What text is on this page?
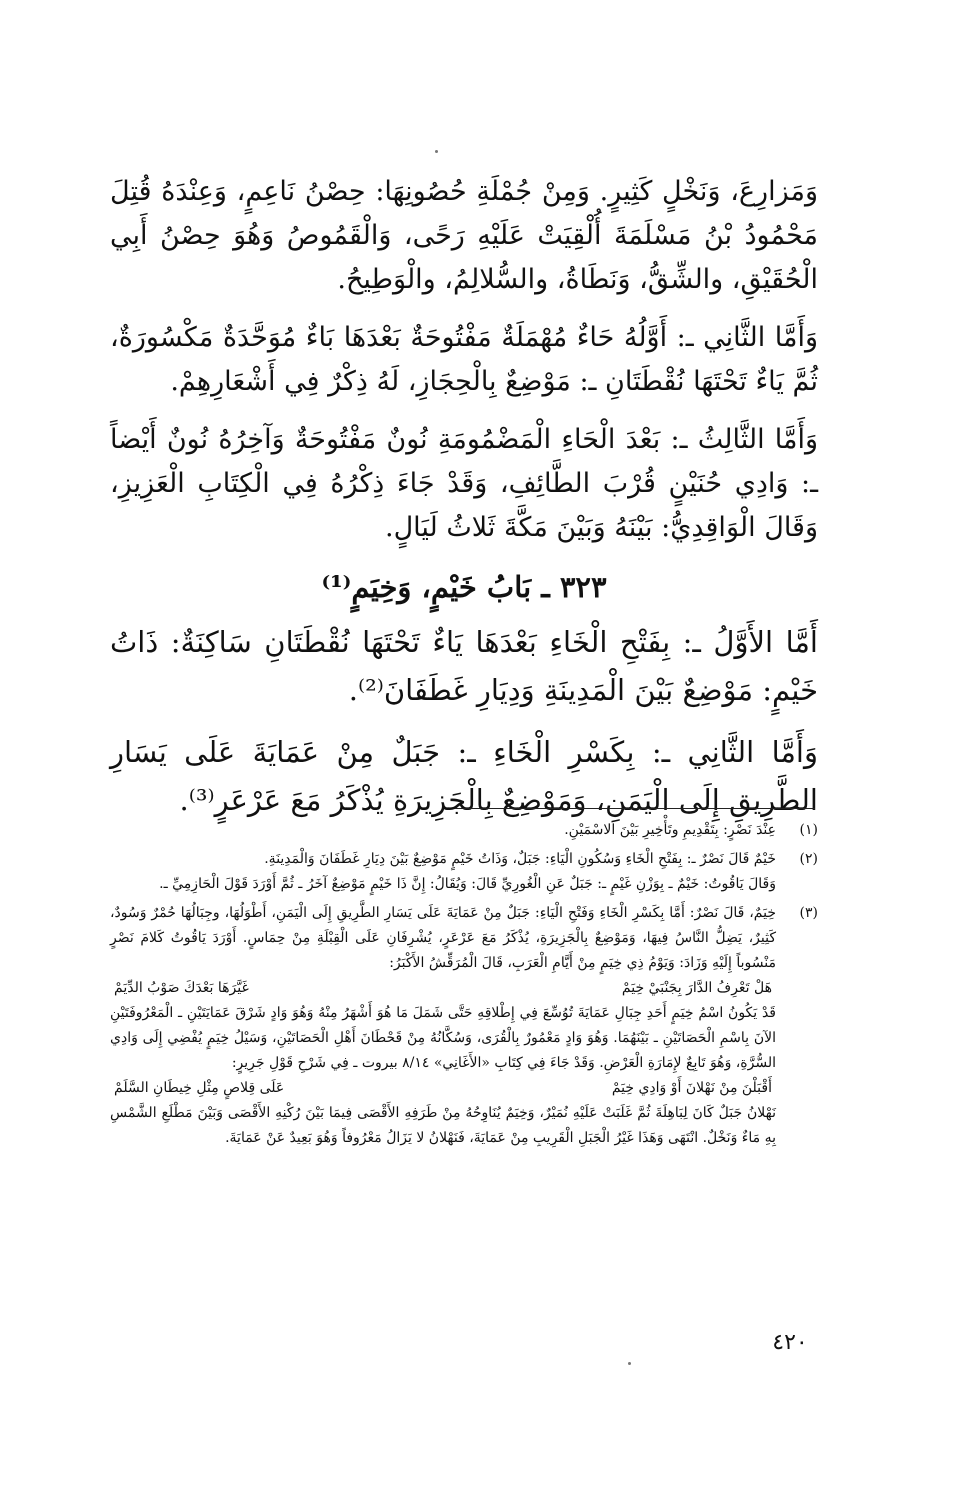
وَمَزارِعَ، وَنَخْلٍ كَثِيرٍ. وَمِنْ جُمْلَةِ حُصُونِهَا: حِصْنُ نَاعِمٍ، وَعِنْدَهُ قُتِلَ مَحْمُودُ بْنُ مَسْلَمَةَ أُلْقِيَتْ عَلَيْهِ رَحًى، وَالْقَمُوصُ وَهُوَ حِصْنُ أَبِي الْحُقَيْقِ، والشِّقُّ، وَنَطَاةُ، والسُّلالِمُ، والْوَطِيحُ.

وَأَمَّا الثَّانِي ـ: أَوَّلُهُ حَاءٌ مُهْمَلَةٌ مَفْتُوحَةٌ بَعْدَهَا بَاءٌ مُوَحَّدَةٌ مَكْسُورَةٌ، ثُمَّ يَاءٌ تَحْتَهَا نُقْطَتَانِ ـ: مَوْضِعٌ بِالْحِجَازِ، لَهُ ذِكْرٌ فِي أَشْعَارِهِمْ.

وَأَمَّا الثَّالِثُ ـ: بَعْدَ الْحَاءِ الْمَضْمُومَةِ نُونٌ مَفْتُوحَةٌ وَآخِرُهُ نُونٌ أَيْضاً ـ: وَادِي حُنَيْنٍ قُرْبَ الطَّائِفِ، وَقَدْ جَاءَ ذِكْرُهُ فِي الْكِتَابِ الْعَزِيزِ، وَقَالَ الْوَاقِدِيُّ: بَيْنَهُ وَبَيْنَ مَكَّةَ ثَلاثُ لَيَالٍ.

٣٢٣ ـ بَابُ خَيْمٍ، وَخِيَمٍ⁽¹⁾

أَمَّا الأَوَّلُ ـ: بِفَتْحِ الْخَاءِ بَعْدَهَا يَاءٌ تَحْتَهَا نُقْطَتَانِ سَاكِنَةٌ: ذَاتُ خَيْمٍ: مَوْضِعٌ بَيْنَ الْمَدِينَةِ وَدِيَارِ غَطَفَانَ⁽²⁾.

وَأَمَّا الثَّانِي ـ: بِكَسْرِ الْخَاءِ ـ: جَبَلٌ مِنْ عَمَايَةَ عَلَى يَسَارِ الطَّرِيقِ إِلَى الْيَمَنِ، وَمَوْضِعٌ بِالْجَزِيرَةِ يُذْكَرُ مَعَ عَرْعَرٍ⁽³⁾.

(١)
عِنْدَ نَصْرٍ: بِتَقْدِيمِ وتَأْخِيرِ بَيْنَ الاسْمَيْنِ.
(٢)
خَيْمٌ قَالَ نَصْرٌ ـ: بِفَتْحِ الْخَاءِ وَسُكُونِ الْيَاءِ: جَبَلٌ، وَذَاتُ خَيْمٍ مَوْضِعٌ بَيْنَ دِيَارِ غَطَفَانَ وَالْمَدِينَةِ.
وَقَالَ يَاقُوتُ: خَيْمٌ ـ بِوَزْنِ غَيْمٍ ـ: جَبَلٌ عَنِ الْغُورِيِّ قَالَ: وَيُقَالُ: إِنَّ ذَا خَيْمٍ مَوْضِعٌ آخَرُ ـ ثُمَّ أَوْرَدَ قَوْلَ الْحَازِمِيِّ ـ.
(٣)
خِيَمٌ، قَالَ نَصْرٌ: أَمَّا بِكَسْرِ الْخَاءِ وَفَتْحِ الْيَاءِ: جَبَلٌ مِنْ عَمَايَةَ عَلَى يَسَارِ الطَّرِيقِ إِلَى الْيَمَنِ، أَطْوَلُهَا، وجِبَالُهَا حُمْرٌ وَسُودٌ، كَثِيرٌ، يَضِلُّ النَّاسُ فِيهَا، وَمَوْضِعٌ بِالْجَزِيرَةِ، يُذْكَرُ مَعَ عَرْعَرٍ، يُشْرِفَانِ عَلَى الْقِبْلَةِ مِنْ حِمَاسٍ. أَوْرَدَ يَاقُوتُ كَلامَ نَصْرٍ مَنْسُوباً إِلَيْهِ وَزَادَ: وَيَوْمُ ذِي خِيَمٍ مِنْ أَيَّامِ الْعَرَبِ، قَالَ الْمُرَقِّشُ الأَكْبَرُ:
هَلْ تَعْرِفُ الدَّارَ بِجَنْبَيْ خِيَمْ
غَيَّرَهَا بَعْدَكَ صَوْبُ الدِّيَمْ
قَدْ يَكُونُ اسْمُ خِيَمٍ أَحَدِ جِبَالِ عَمَايَةَ تُوُسِّعَ فِي إِطْلاقِهِ حَتَّى شَمَلَ مَا هُوَ أَشْهَرُ مِنْهُ وَهُوَ وَادٍ شَرْقَ عَمَايَتَيْنِ ـ الْمَعْرُوفَتَيْنِ الآنَ بِاسْمِ الْحَصَاتَيْنِ ـ بَيْنَهُمَا. وَهُوَ وَادٍ مَعْمُورٌ بِالْقُرَى، وَسُكَّانُهُ مِنْ قَحْطَانَ أَهْلِ الْحَصَاتَيْنِ، وَسَيْلُ خِيَمٍ يُفْضِي إِلَى وَادِي السُّرَّةِ، وَهُوَ تَابِعٌ لإِمَارَةِ الْعَرْضِ. وَقَدْ جَاءَ فِي كِتَابِ «الأَغَانِي» ٨/١٤ بيروت ـ فِي شَرْحِ قَوْلِ جَرِيرٍ:
أَقْبَلْنَ مِنْ نَهْلانَ أَوْ وَادِي خِيَمْ
عَلَى قِلاصٍ مِثْلِ خِيطَانِ السَّلَمْ
نَهْلانُ جَبَلٌ كَانَ لِبَاهِلَةَ ثُمَّ غَلَبَتْ عَلَيْهِ نُمَيْرٌ، وَخِيَمٌ يُنَاوِحُهُ مِنْ طَرَفِهِ الأَقْصَى فِيمَا بَيْنَ رُكْنِهِ الأَقْصَى وَبَيْنَ مَطْلَعِ الشَّمْسِ بِهِ مَاءٌ وَنَخْلٌ. انْتَهَى وَهَذَا غَيْرُ الْجَبَلِ الْقَرِيبِ مِنْ عَمَايَةَ، فَنَهْلانُ لا يَزَالُ مَعْرُوفاً وَهُوَ بَعِيدٌ عَنْ عَمَايَةَ.
٤٢٠
